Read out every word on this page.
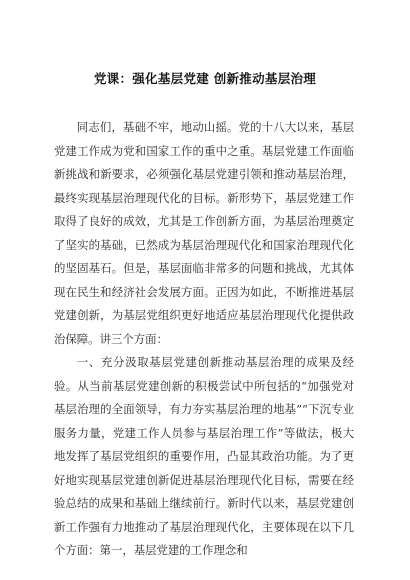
党课：强化基层党建 创新推动基层治理

同志们，基础不牢，地动山摇。党的十八大以来，基层党建工作成为党和国家工作的重中之重。基层党建工作面临新挑战和新要求，必须强化基层党建引领和推动基层治理，最终实现基层治理现代化的目标。新形势下，基层党建工作取得了良好的成效，尤其是工作创新方面，为基层治理奠定了坚实的基础，已然成为基层治理现代化和国家治理现代化的坚固基石。但是，基层面临非常多的问题和挑战，尤其体现在民生和经济社会发展方面。正因为如此，不断推进基层党建创新，为基层党组织更好地适应基层治理现代化提供政治保障。讲三个方面：

一、充分汲取基层党建创新推动基层治理的成果及经验。从当前基层党建创新的积极尝试中所包括的“加强党对基层治理的全面领导，有力夯实基层治理的地基”“下沉专业服务力量，党建工作人员参与基层治理工作”等做法，极大地发挥了基层党组织的重要作用，凸显其政治功能。为了更好地实现基层党建创新促进基层治理现代化目标，需要在经验总结的成果和基础上继续前行。新时代以来，基层党建创新工作强有力地推动了基层治理现代化，主要体现在以下几个方面：第一，基层党建的工作理念和
